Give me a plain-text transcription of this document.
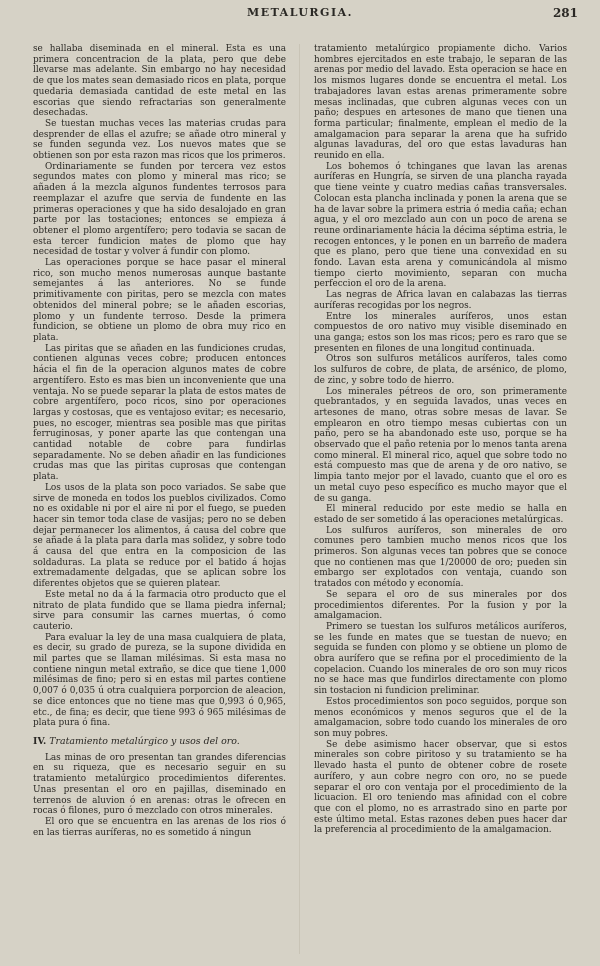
METALURGIA.	281

se hallaba diseminada en el mineral. Esta es una primera concentracion de la plata, pero que debe llevarse mas adelante. Sin embargo no hay necesidad de que los mates sean demasiado ricos en plata, porque quedaria demasiada cantidad de este metal en las escorias que siendo refractarias son generalmente desechadas.

Se tuestan muchas veces las materias crudas para desprender de ellas el azufre; se añade otro mineral y se funden segunda vez. Los nuevos mates que se obtienen son por esta razon mas ricos que los primeros.

Ordinariamente se funden por tercera vez estos segundos mates con plomo y mineral mas rico; se añaden á la mezcla algunos fundentes terrosos para reemplazar el azufre que servia de fundente en las primeras operaciones y que ha sido desalojado en gran parte por las tostaciones; entonces se empieza á obtener el plomo argentífero; pero todavia se sacan de esta tercer fundicion mates de plomo que hay necesidad de tostar y volver á fundir con plomo.

Las operaciones porque se hace pasar el mineral rico, son mucho menos numerosas aunque bastante semejantes á las anteriores. No se funde primitivamente con piritas, pero se mezcla con mates obtenidos del mineral pobre; se le añaden escorias, plomo y un fundente terroso. Desde la primera fundicion, se obtiene un plomo de obra muy rico en plata.

Las piritas que se añaden en las fundiciones crudas, contienen algunas veces cobre; producen entonces hácia el fin de la operacion algunos mates de cobre argentífero. Esto es mas bien un inconveniente que una ventaja. No se puede separar la plata de estos mates de cobre argentífero, poco ricos, sino por operaciones largas y costosas, que es ventajoso evitar; es necesario, pues, no escoger, mientras sea posible mas que piritas ferruginosas, y poner aparte las que contengan una cantidad notable de cobre para fundirlas separadamente. No se deben añadir en las fundiciones crudas mas que las piritas cuprosas que contengan plata.

Los usos de la plata son poco variados. Se sabe que sirve de moneda en todos los pueblos civilizados. Como no es oxidable ni por el aire ni por el fuego, se pueden hacer sin temor toda clase de vasijas; pero no se deben dejar permanecer los alimentos, á causa del cobre que se añade á la plata para darla mas solidez, y sobre todo á causa del que entra en la composicion de las soldaduras. La plata se reduce por el batido á hojas extremadamente delgadas, que se aplican sobre los diferentes objetos que se quieren platear.

Este metal no da á la farmacia otro producto que el nitrato de plata fundido que se llama piedra infernal; sirve para consumir las carnes muertas, ó como cauterio.

Para evaluar la ley de una masa cualquiera de plata, es decir, su grado de pureza, se la supone dividida en mil partes que se llaman milésimas. Si esta masa no contiene ningun metal extraño, se dice que tiene 1,000 milésimas de fino; pero si en estas mil partes contiene 0,007 ó 0,035 ú otra cualquiera porporcion de aleacion, se dice entonces que no tiene mas que 0,993 ó 0,965, etc., de fina; es decir, que tiene 993 ó 965 milésimas de plata pura ó fina.

IV. Tratamiento metalúrgico y usos del oro.

Las minas de oro presentan tan grandes diferencias en su riqueza, que es necesario seguir en su tratamiento metalúrgico procedimientos diferentes. Unas presentan el oro en pajillas, diseminado en terrenos de aluvion ó en arenas: otras le ofrecen en rocas ó filones, puro ó mezclado con otros minerales.

El oro que se encuentra en las arenas de los rios ó en las tierras auríferas, no es sometido á ningun

tratamiento metalúrgico propiamente dicho. Varios hombres ejercitados en este trabajo, le separan de las arenas por medio del lavado. Esta operacion se hace en los mismos lugares donde se encuentra el metal. Los trabajadores lavan estas arenas primeramente sobre mesas inclinadas, que cubren algunas veces con un paño; despues en artesones de mano que tienen una forma particular; finalmente, emplean el medio de la amalgamacion para separar la arena que ha sufrido algunas lavaduras, del oro que estas lavaduras han reunido en ella.

Los bohemos ó tchinganes que lavan las arenas auríferas en Hungría, se sirven de una plancha rayada que tiene veinte y cuatro medias cañas transversales. Colocan esta plancha inclinada y ponen la arena que se ha de lavar sobre la primera estria ó media caña; echan agua, y el oro mezclado aun con un poco de arena se reune ordinariamente hácia la décima séptima estria, le recogen entonces, y le ponen en un barreño de madera que es plano, pero que tiene una convexidad en su fondo. Lavan esta arena y comunicándola al mismo tiempo cierto movimiento, separan con mucha perfeccion el oro de la arena.

Las negras de Africa lavan en calabazas las tierras auríferas recogidas por los negros.

Entre los minerales auríferos, unos estan compuestos de oro nativo muy visible diseminado en una ganga; estos son los mas ricos; pero es raro que se presenten en filones de una longitud continuada.

Otros son sulfuros metálicos auríferos, tales como los sulfuros de cobre, de plata, de arsénico, de plomo, de zinc, y sobre todo de hierro.

Los minerales pétreos de oro, son primeramente quebrantados, y en seguida lavados, unas veces en artesones de mano, otras sobre mesas de lavar. Se emplearon en otro tiempo mesas cubiertas con un paño, pero se ha abandonado este uso, porque se ha observado que el paño retenia por lo menos tanta arena como mineral. El mineral rico, aquel que sobre todo no está compuesto mas que de arena y de oro nativo, se limpia tanto mejor por el lavado, cuanto que el oro es un metal cuyo peso específico es mucho mayor que el de su ganga.

El mineral reducido por este medio se halla en estado de ser sometido á las operaciones metalúrgicas.

Los sulfuros auríferos, son minerales de oro comunes pero tambien mucho menos ricos que los primeros. Son algunas veces tan pobres que se conoce que no contienen mas que 1/20000 de oro; pueden sin embargo ser explotados con ventaja, cuando son tratados con método y economía.

Se separa el oro de sus minerales por dos procedimientos diferentes. Por la fusion y por la amalgamacion.

Primero se tuestan los sulfuros metálicos auríferos, se les funde en mates que se tuestan de nuevo; en seguida se funden con plomo y se obtiene un plomo de obra aurífero que se refina por el procedimiento de la copelacion. Cuando los minerales de oro son muy ricos no se hace mas que fundirlos directamente con plomo sin tostacion ni fundicion preliminar.

Estos procedimientos son poco seguidos, porque son menos económicos y menos seguros que el de la amalgamacion, sobre todo cuando los minerales de oro son muy pobres.

Se debe asimismo hacer observar, que si estos minerales son cobre piritoso y su tratamiento se ha llevado hasta el punto de obtener cobre de rosete aurífero, y aun cobre negro con oro, no se puede separar el oro con ventaja por el procedimiento de la licuacion. El oro teniendo mas afinidad con el cobre que con el plomo, no es arrastrado sino en parte por este último metal. Estas razones deben pues hacer dar la preferencia al procedimiento de la amalgamacion.
